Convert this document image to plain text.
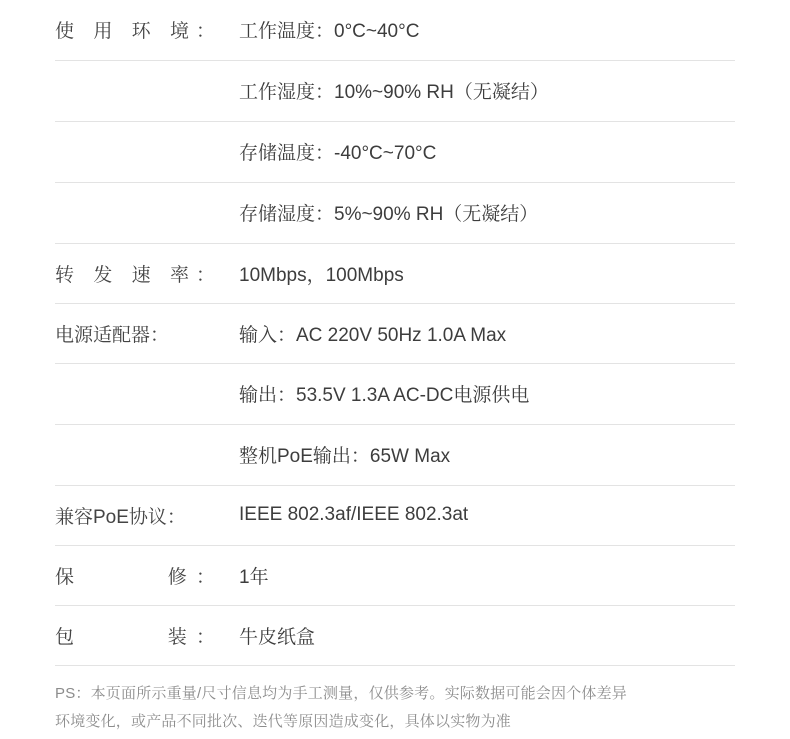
使 用 环 境：	工作温度：0°C~40°C
	工作湿度：10%~90% RH（无凝结）
	存储温度：-40°C~70°C
	存储湿度：5%~90% RH（无凝结）

转 发 速 率：	10Mbps，100Mbps

电源适配器：	输入：AC 220V 50Hz 1.0A Max
	输出：53.5V 1.3A AC-DC电源供电
	整机PoE输出：65W Max

兼容PoE协议：	IEEE 802.3af/IEEE 802.3at

保　　　修：	1年

包　　　装：	牛皮纸盒
PS：本页面所示重量/尺寸信息均为手工测量，仅供参考。实际数据可能会因个体差异
环境变化，或产品不同批次、迭代等原因造成变化，具体以实物为准
